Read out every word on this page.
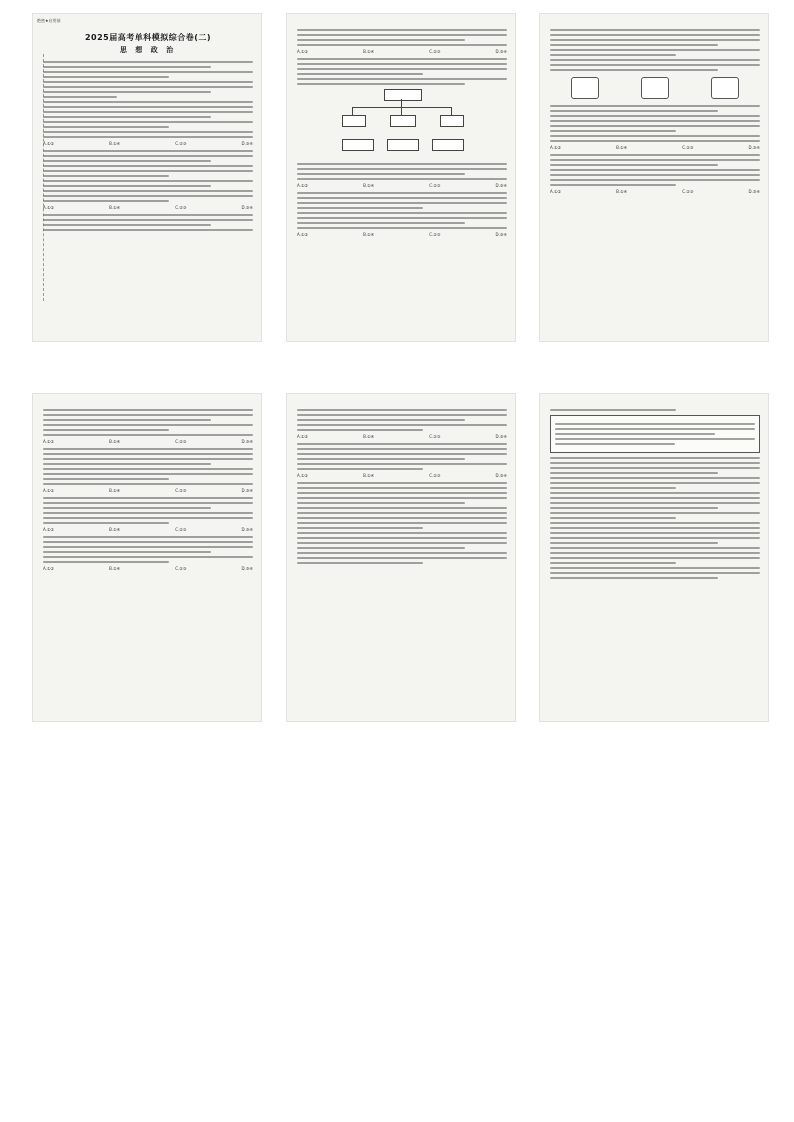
绝密★启用前
2025届高考单科模拟综合卷(二)
思 想 政 治
A.①②	B.①④	C.②③	D.③④
A.①②	B.①④	C.②③	D.③④
A.①②	B.①④	C.②③	D.③④
A.①②	B.①④	C.②③	D.③④
A.①②	B.①④	C.②③	D.③④
A.①②	B.①④	C.②③	D.③④
A.①②	B.①④	C.②③	D.③④
A.①②	B.①④	C.②③	D.③④
A.①②	B.①④	C.②③	D.③④
A.①②	B.①④	C.②③	D.③④
A.①②	B.①④	C.②③	D.③④
A.①②	B.①④	C.②③	D.③④
A.①②	B.①④	C.②③	D.③④
